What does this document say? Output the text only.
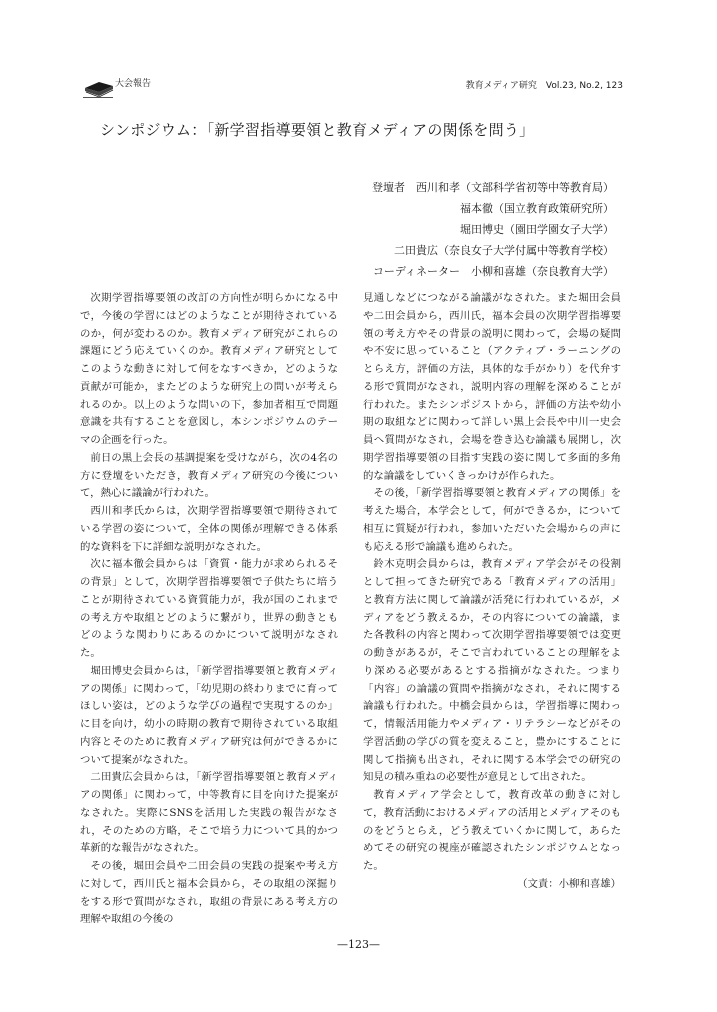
大会報告	教育メディア研究　Vol.23, No.2, 123
シンポジウム：「新学習指導要領と教育メディアの関係を問う」
登壇者　西川和孝（文部科学省初等中等教育局）
福本徹（国立教育政策研究所）
堀田博史（園田学園女子大学）
二田貴広（奈良女子大学付属中等教育学校）
コーディネーター　小柳和喜雄（奈良教育大学）

次期学習指導要領の改訂の方向性が明らかになる中で，今後の学習にはどのようなことが期待されているのか，何が変わるのか。教育メディア研究がこれらの課題にどう応えていくのか。教育メディア研究としてこのような動きに対して何をなすべきか，どのような貢献が可能か，またどのような研究上の問いが考えられるのか。以上のような問いの下，参加者相互で問題意識を共有することを意図し，本シンポジウムのテーマの企画を行った。

前日の黒上会長の基調提案を受けながら，次の4名の方に登壇をいただき，教育メディア研究の今後について，熱心に議論が行われた。

西川和孝氏からは，次期学習指導要領で期待されている学習の姿について，全体の関係が理解できる体系的な資料を下に詳細な説明がなされた。

次に福本徹会員からは「資質・能力が求められるその背景」として，次期学習指導要領で子供たちに培うことが期待されている資質能力が，我が国のこれまでの考え方や取組とどのように繋がり，世界の動きともどのような関わりにあるのかについて説明がなされた。

堀田博史会員からは，「新学習指導要領と教育メディアの関係」に関わって，「幼児期の終わりまでに育ってほしい姿は，どのような学びの過程で実現するのか」に目を向け，幼小の時期の教育で期待されている取組内容とそのために教育メディア研究は何ができるかについて提案がなされた。

二田貴広会員からは，「新学習指導要領と教育メディアの関係」に関わって，中等教育に目を向けた提案がなされた。実際にSNSを活用した実践の報告がなされ，そのための方略，そこで培う力について具的かつ革新的な報告がなされた。

その後，堀田会員や二田会員の実践の提案や考え方に対して，西川氏と福本会員から，その取組の深掘りをする形で質問がなされ，取組の背景にある考え方の理解や取組の今後の

見通しなどにつながる論議がなされた。また堀田会員や二田会員から，西川氏，福本会員の次期学習指導要領の考え方やその背景の説明に関わって，会場の疑問や不安に思っていること（アクティブ・ラーニングのとらえ方，評価の方法，具体的な手がかり）を代弁する形で質問がなされ，説明内容の理解を深めることが行われた。またシンポジストから，評価の方法や幼小期の取組などに関わって詳しい黒上会長や中川一史会員へ質問がなされ，会場を巻き込む論議も展開し，次期学習指導要領の目指す実践の姿に関して多面的多角的な論議をしていくきっかけが作られた。

その後，「新学習指導要領と教育メディアの関係」を考えた場合，本学会として，何ができるか，について相互に質疑が行われ，参加いただいた会場からの声にも応える形で論議も進められた。

鈴木克明会員からは，教育メディア学会がその役割として担ってきた研究である「教育メディアの活用」と教育方法に関して論議が活発に行われているが，メディアをどう教えるか，その内容についての論議，また各教科の内容と関わって次期学習指導要領では変更の動きがあるが，そこで言われていることの理解をより深める必要があるとする指摘がなされた。つまり「内容」の論議の質問や指摘がなされ，それに関する論議も行われた。中橋会員からは，学習指導に関わって，情報活用能力やメディア・リテラシーなどがその学習活動の学びの質を変えること，豊かにすることに関して指摘も出され，それに関する本学会での研究の知見の積み重ねの必要性が意見として出された。

教育メディア学会として，教育改革の動きに対して，教育活動におけるメディアの活用とメディアそのものをどうとらえ，どう教えていくかに関して，あらためてその研究の視座が確認されたシンポジウムとなった。

（文責：小柳和喜雄）

—123—
